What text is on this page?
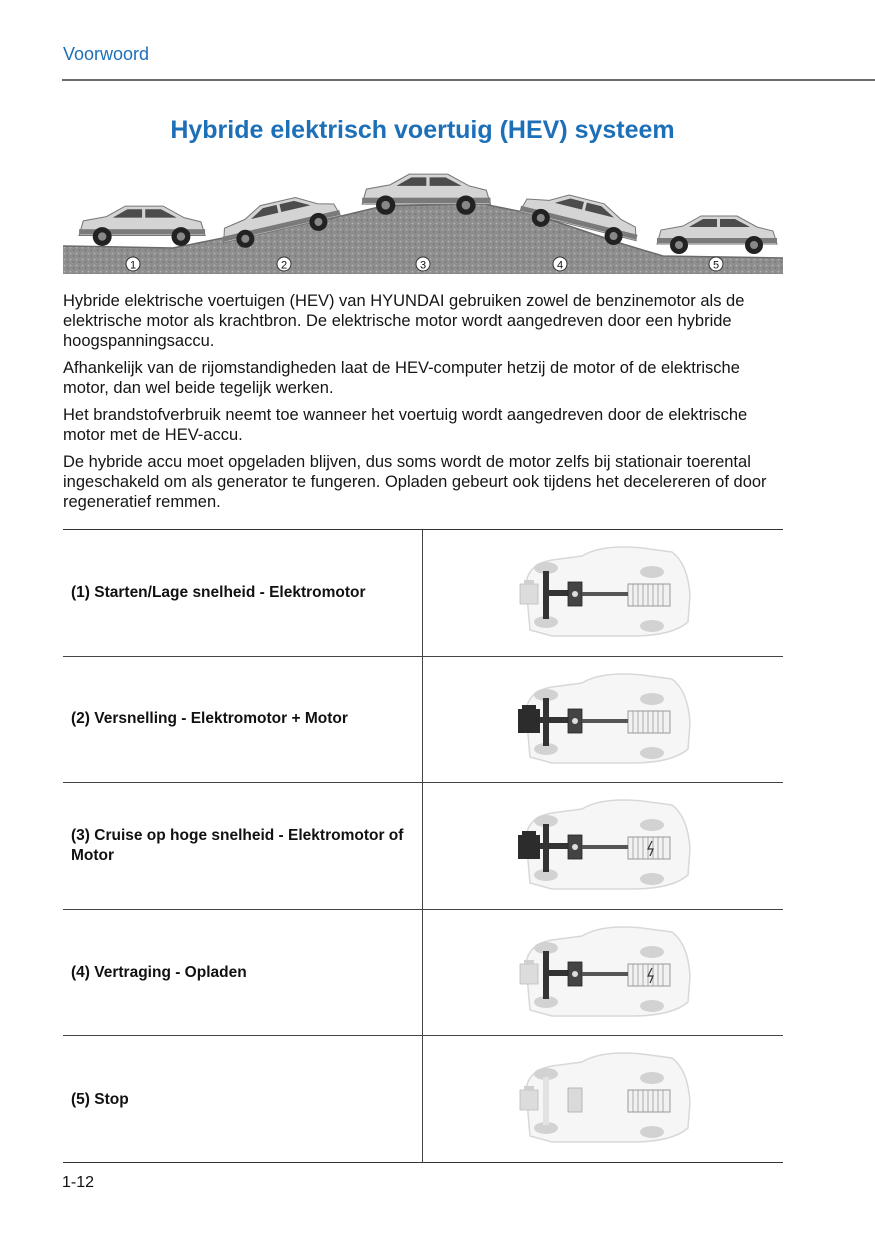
Voorwoord
Hybride elektrisch voertuig (HEV) systeem
1	2	3	4	5

Hybride elektrische voertuigen (HEV) van HYUNDAI gebruiken zowel de benzinemotor als de elektrische motor als krachtbron. De elektrische motor wordt aangedreven door een hybride hoogspanningsaccu.

Afhankelijk van de rijomstandigheden laat de HEV-computer hetzij de motor of de elektrische motor, dan wel beide tegelijk werken.

Het brandstofverbruik neemt toe wanneer het voertuig wordt aangedreven door de elektrische motor met de HEV-accu.

De hybride accu moet opgeladen blijven, dus soms wordt de motor zelfs bij stationair toerental ingeschakeld om als generator te fungeren. Opladen gebeurt ook tijdens het decelereren of door regeneratief remmen.

(1) Starten/Lage snelheid - Elektromotor
(2) Versnelling - Elektromotor + Motor
(3) Cruise op hoge snelheid - Elektromotor of Motor
(4) Vertraging - Opladen
(5) Stop
1-12
